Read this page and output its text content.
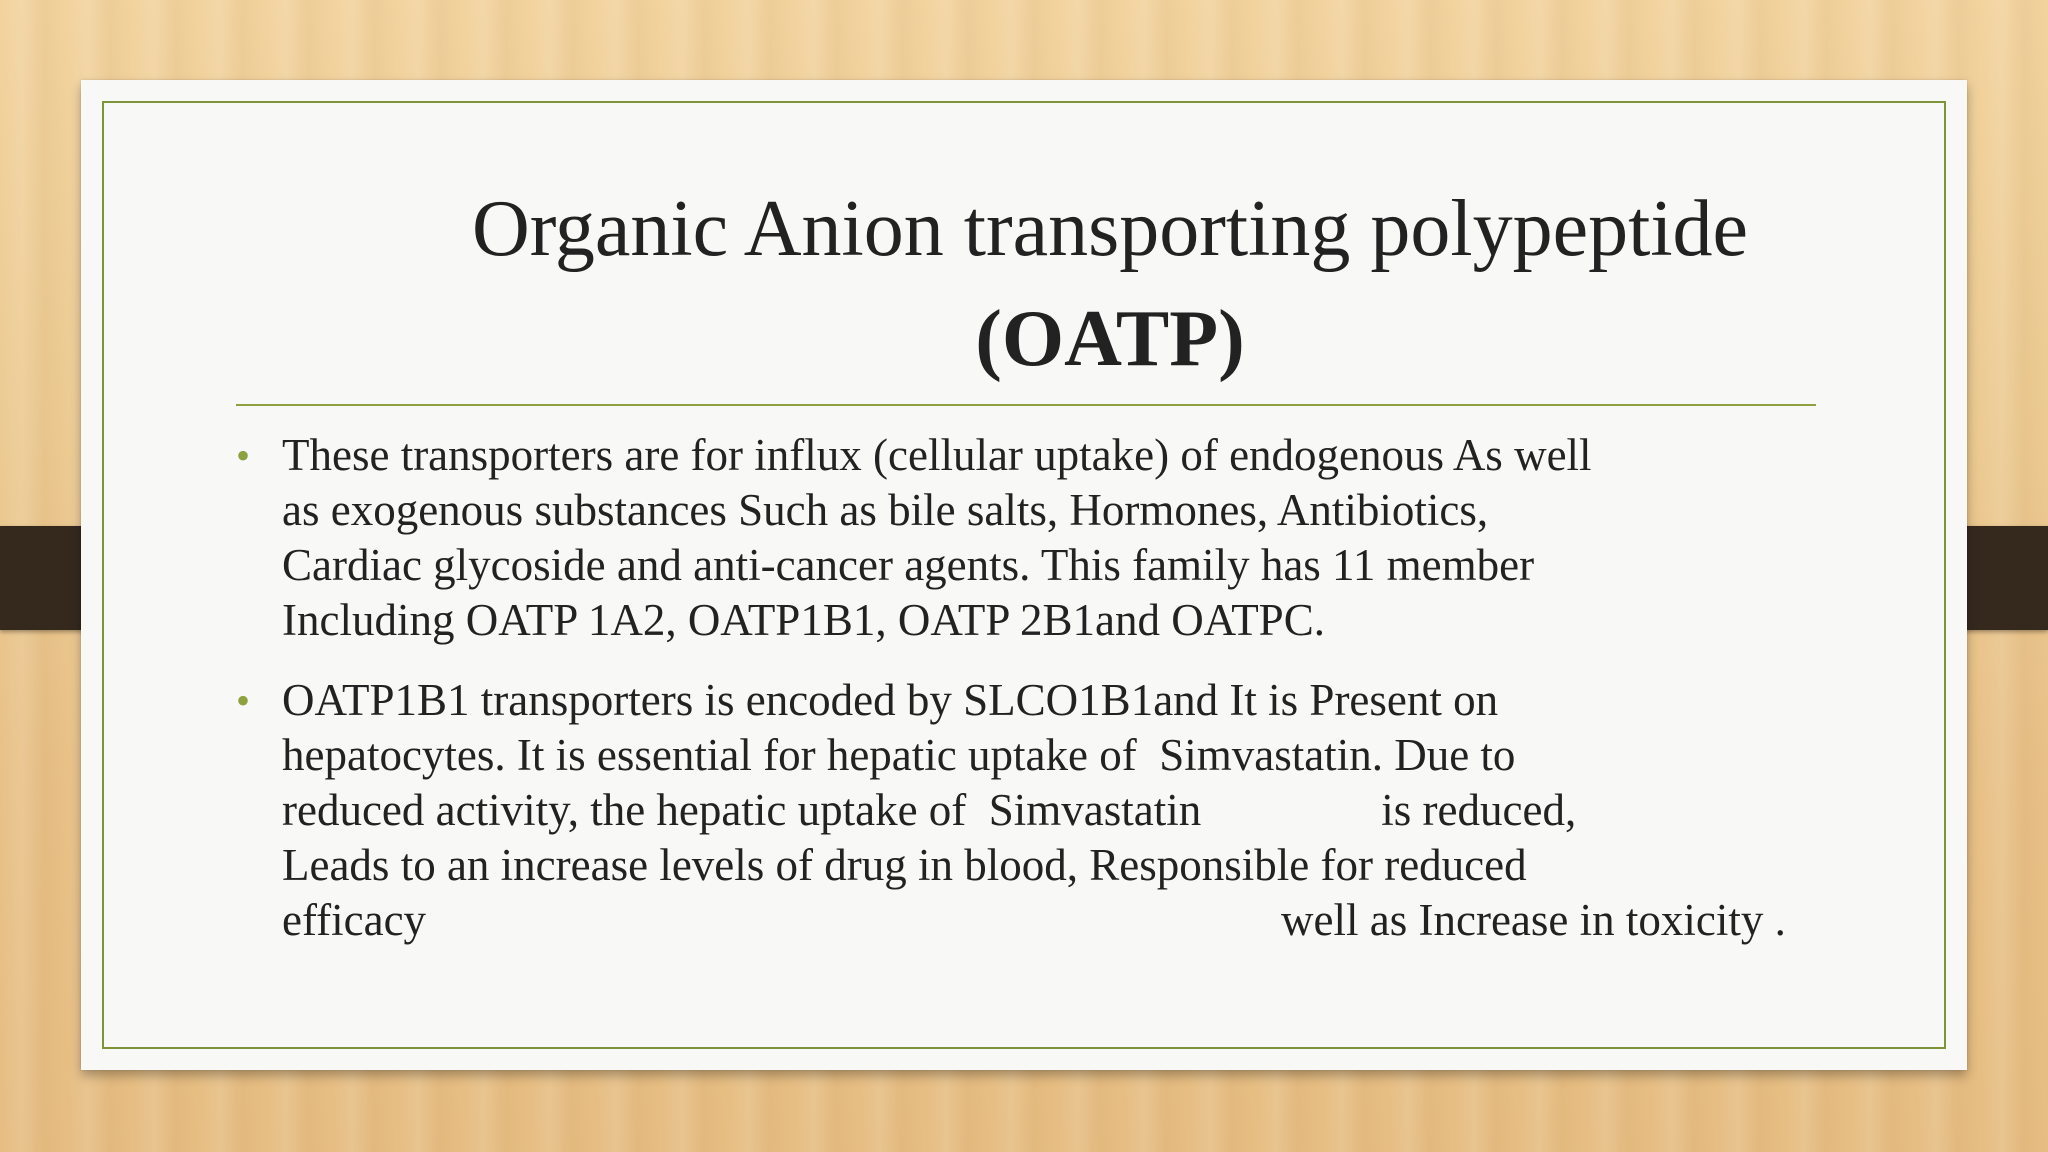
Organic Anion transporting polypeptide
(OATP)
• These transporters are for influx (cellular uptake) of endogenous As well
as exogenous substances Such as bile salts, Hormones, Antibiotics,
Cardiac glycoside and anti-cancer agents. This family has 11 member
Including OATP 1A2, OATP1B1, OATP 2B1and OATPC.
• OATP1B1 transporters is encoded by SLCO1B1and It is Present on
hepatocytes. It is essential for hepatic uptake of  Simvastatin. Due to
reduced activity, the hepatic uptake of  Simvastatin                is reduced,
Leads to an increase levels of drug in blood, Responsible for reduced
efficacy                                                                            well as Increase in toxicity .
